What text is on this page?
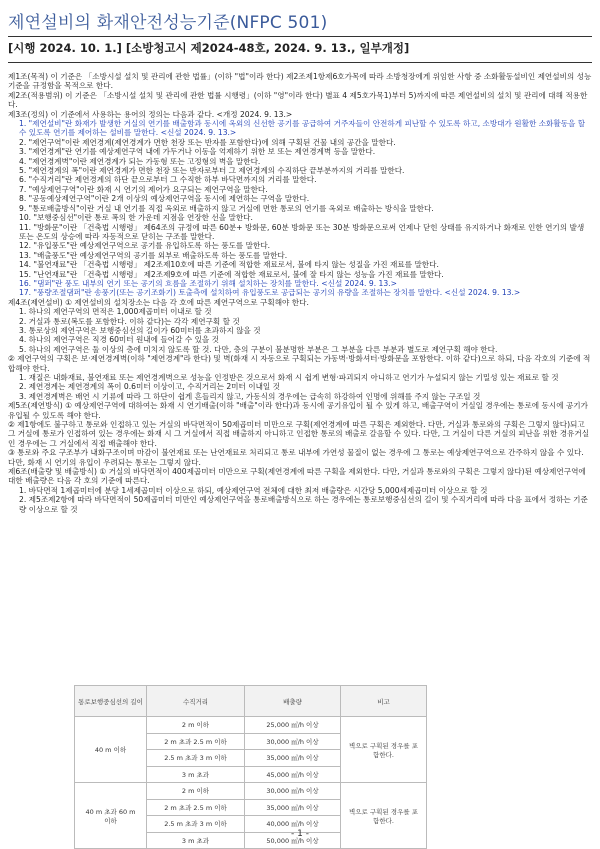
제연설비의 화재안전성능기준(NFPC 501)
[시행 2024. 10. 1.] [소방청고시 제2024-48호, 2024. 9. 13., 일부개정]

제1조(목적) 이 기준은 「소방시설 설치 및 관리에 관한 법률」(이하 "법"이라 한다) 제2조제1항제6호가목에 따라 소방청장에게 위임한 사항 중 소화활동설비인 제연설비의 성능기준을 규정함을 목적으로 한다.

제2조(적용범위) 이 기준은 「소방시설 설치 및 관리에 관한 법률 시행령」(이하 "영"이라 한다) 별표 4 제5호가목1)부터 5)까지에 따른 제연설비의 설치 및 관리에 대해 적용한다.

제3조(정의) 이 기준에서 사용하는 용어의 정의는 다음과 같다. <개정 2024. 9. 13.>

1. "제연설비"란 화재가 발생한 거실의 연기를 배출함과 동시에 옥외의 신선한 공기를 공급하여 거주자들이 안전하게 피난할 수 있도록 하고, 소방대가 원활한 소화활동을 할 수 있도록 연기를 제어하는 설비를 말한다. <신설 2024. 9. 13.>

2. "제연구역"이란 제연경계(제연경계가 면한 천장 또는 반자를 포함한다)에 의해 구획된 건물 내의 공간을 말한다.

3. "제연경계"란 연기를 예상제연구역 내에 가두거나 이동을 억제하기 위한 보 또는 제연경계벽 등을 말한다.

4. "제연경계벽"이란 제연경계가 되는 가동형 또는 고정형의 벽을 말한다.

5. "제연경계의 폭"이란 제연경계가 면한 천장 또는 반자로부터 그 제연경계의 수직하단 끝부분까지의 거리를 말한다.

6. "수직거리"란 제연경계의 하단 끝으로부터 그 수직한 하부 바닥면까지의 거리를 말한다.

7. "예상제연구역"이란 화재 시 연기의 제어가 요구되는 제연구역을 말한다.

8. "공동예상제연구역"이란 2개 이상의 예상제연구역을 동시에 제연하는 구역을 말한다.

9. "통로배출방식"이란 거실 내 연기를 직접 옥외로 배출하지 않고 거실에 면한 통로의 연기를 옥외로 배출하는 방식을 말한다.

10. "보행중심선"이란 통로 폭의 한 가운데 지점을 연장한 선을 말한다.

11. "방화문"이란 「건축법 시행령」 제64조의 규정에 따른 60분+ 방화문, 60분 방화문 또는 30분 방화문으로써 언제나 닫힌 상태를 유지하거나 화재로 인한 연기의 발생 또는 온도의 상승에 따라 자동적으로 닫히는 구조를 말한다.

12. "유입풍도"란 예상제연구역으로 공기를 유입하도록 하는 풍도를 말한다.

13. "배출풍도"란 예상제연구역의 공기를 외부로 배출하도록 하는 풍도를 말한다.

14. "불연재료"란 「건축법 시행령」 제2조제10호에 따른 기준에 적합한 재료로서, 불에 타지 않는 성질을 가진 재료를 말한다.

15. "난연재료"란 「건축법 시행령」 제2조제9호에 따른 기준에 적합한 재료로서, 불에 잘 타지 않는 성능을 가진 재료를 말한다.

16. "댐퍼"란 풍도 내부의 연기 또는 공기의 흐름을 조절하기 위해 설치하는 장치를 말한다. <신설 2024. 9. 13.>

17. "풍량조절댐퍼"란 송풍기(또는 공기조화기) 토출측에 설치하여 유입풍도로 공급되는 공기의 유량을 조절하는 장치를 말한다. <신설 2024. 9. 13.>

제4조(제연설비) ① 제연설비의 설치장소는 다음 각 호에 따른 제연구역으로 구획해야 한다.

1. 하나의 제연구역의 면적은 1,000제곱미터 이내로 할 것

2. 거실과 통로(복도를 포함한다. 이하 같다)는 각각 제연구획 할 것

3. 통로상의 제연구역은 보행중심선의 길이가 60미터를 초과하지 않을 것

4. 하나의 제연구역은 직경 60미터 원내에 들어갈 수 있을 것

5. 하나의 제연구역은 둘 이상의 층에 미치지 않도록 할 것. 다만, 층의 구분이 불분명한 부분은 그 부분을 다른 부분과 별도로 제연구획 해야 한다.

② 제연구역의 구획은 보·제연경계벽(이하 "제연경계"라 한다) 및 벽(화재 시 자동으로 구획되는 가동벽·방화셔터·방화문을 포함한다. 이하 같다)으로 하되, 다음 각호의 기준에 적합해야 한다.

1. 재질은 내화재료, 불연재료 또는 제연경계벽으로 성능을 인정받은 것으로서 화재 시 쉽게 변형·파괴되지 아니하고 연기가 누설되지 않는 기밀성 있는 재료로 할 것

2. 제연경계는 제연경계의 폭이 0.6미터 이상이고, 수직거리는 2미터 이내일 것

3. 제연경계벽은 배연 시 기류에 따라 그 하단이 쉽게 흔들리지 않고, 가동식의 경우에는 급속히 하강하여 인명에 위해를 주지 않는 구조일 것

제5조(제연방식) ① 예상제연구역에 대하여는 화재 시 연기배출(이하 "배출"이라 한다)과 동시에 공기유입이 될 수 있게 하고, 배출구역이 거실일 경우에는 통로에 동시에 공기가 유입될 수 있도록 해야 한다.

② 제1항에도 불구하고 통로와 인접하고 있는 거실의 바닥면적이 50제곱미터 미만으로 구획(제연경계에 따른 구획은 제외한다. 다만, 거실과 통로와의 구획은 그렇지 않다)되고 그 거실에 통로가 인접하여 있는 경우에는 화재 시 그 거실에서 직접 배출하지 아니하고 인접한 통로의 배출로 갈음할 수 있다. 다만, 그 거실이 다른 거실의 피난을 위한 경유거실인 경우에는 그 거실에서 직접 배출해야 한다.

③ 통로와 주요 구조부가 내화구조이며 마감이 불연재료 또는 난연재료로 처리되고 통로 내부에 가연성 물질이 없는 경우에 그 통로는 예상제연구역으로 간주하지 않을 수 있다. 다만, 화재 시 연기의 유입이 우려되는 통로는 그렇지 않다.

제6조(배출량 및 배출방식) ① 거실의 바닥면적이 400제곱미터 미만으로 구획(제연경계에 따른 구획을 제외한다. 다만, 거실과 통로와의 구획은 그렇지 않다)된 예상제연구역에 대한 배출량은 다음 각 호의 기준에 따른다.

1. 바닥면적 1제곱미터에 분당 1세제곱미터 이상으로 하되, 예상제연구역 전체에 대한 최저 배출량은 시간당 5,000세제곱미터 이상으로 할 것

2. 제5조제2항에 따라 바닥면적이 50제곱미터 미만인 예상제연구역을 통로배출방식으로 하는 경우에는 통로보행중심선의 길이 및 수직거리에 따라 다음 표에서 정하는 기준량 이상으로 할 것

통로보행중심선의 길이	수직거리	배출량	비고
40 m 이하	2 m 이하	25,000 ㎥/h 이상	벽으로 구획된 경우를 포함한다.
	2 m 초과 2.5 m 이하	30,000 ㎥/h 이상	
	2.5 m 초과 3 m 이하	35,000 ㎥/h 이상	
	3 m 초과	45,000 ㎥/h 이상	
40 m 초과 60 m 이하	2 m 이하	30,000 ㎥/h 이상	벽으로 구획된 경우를 포함한다.
	2 m 초과 2.5 m 이하	35,000 ㎥/h 이상	
	2.5 m 초과 3 m 이하	40,000 ㎥/h 이상	
	3 m 초과	50,000 ㎥/h 이상	
- 1 -
